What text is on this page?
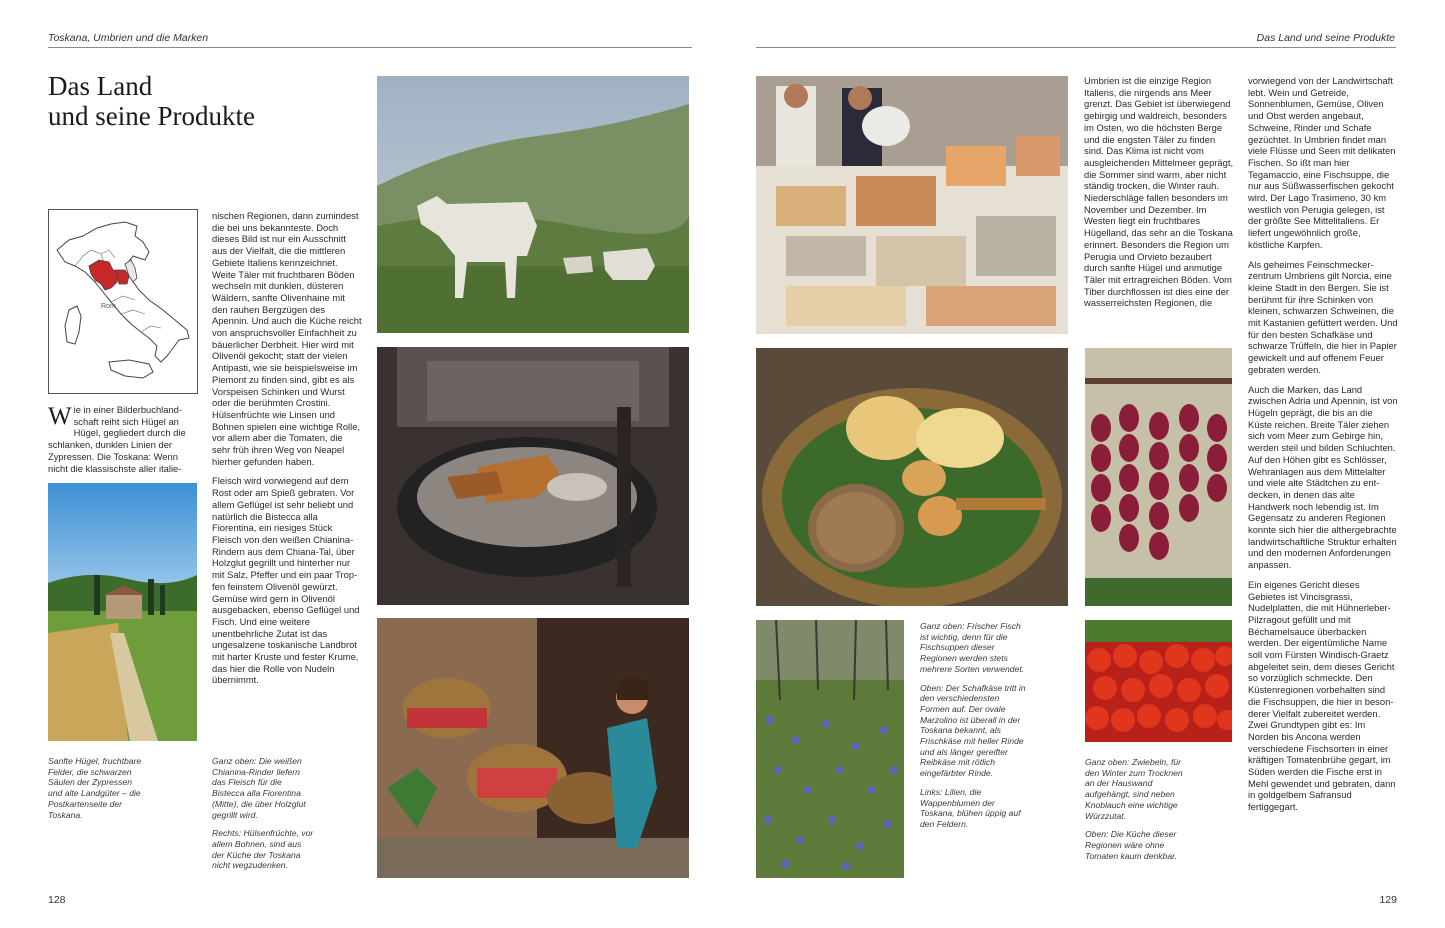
Toskana, Umbrien und die Marken	Das Land und seine Produkte
Das Land
und seine Produkte
Rom
Wie in einer Bilderbuchlandschaft reiht sich Hügel an Hügel, gegliedert durch die schlanken, dunklen Linien der Zypressen. Die Toskana: Wenn nicht die klassischste aller italie-
Sanfte Hügel, fruchtbare Felder, die schwarzen Säulen der Zypressen und alte Landgüter – die Postkartenseite der Toskana.

nischen Regionen, dann zumindest die bei uns bekannteste. Doch dieses Bild ist nur ein Ausschnitt aus der Vielfalt, die die mittleren Gebiete Italiens kennzeichnet. Weite Täler mit fruchtbaren Böden wechseln mit dunklen, düsteren Wäldern, sanfte Olivenhaine mit den rauhen Bergzügen des Apennin. Und auch die Küche reicht von anspruchsvoller Einfachheit zu bäuerlicher Derbheit. Hier wird mit Olivenöl gekocht; statt der vielen Antipasti, wie sie beispielsweise im Piemont zu finden sind, gibt es als Vorspeisen Schinken und Wurst oder die berühmten Crostini. Hülsenfrüchte wie Linsen und Bohnen spielen eine wichtige Rolle, vor allem aber die Tomaten, die sehr früh ihren Weg von Neapel hierher gefunden haben.

Fleisch wird vorwiegend auf dem Rost oder am Spieß gebraten. Vor allem Geflügel ist sehr beliebt und natürlich die Bistecca alla Fiorentina, ein riesiges Stück Fleisch von den weißen Chianina-Rindern aus dem Chiana-Tal, über Holzglut gegrillt und hinterher nur mit Salz, Pfeffer und ein paar Tropfen feinstem Olivenöl gewürzt. Gemüse wird gern in Olivenöl ausgebacken, ebenso Geflügel und Fisch. Und eine weitere unentbehrliche Zutat ist das ungesalzene toskanische Landbrot mit harter Kruste und fester Krume, das hier die Rolle von Nudeln übernimmt.

Ganz oben: Die weißen Chianina-Rinder liefern das Fleisch für die Bistecca alla Fiorentina (Mitte), die über Holzglut gegrillt wird.

Rechts: Hülsenfrüchte, vor allem Bohnen, sind aus der Küche der Toskana nicht wegzudenken.

Ganz oben: Frischer Fisch ist wichtig, denn für die Fischsuppen dieser Regionen werden stets mehrere Sorten verwendet.

Oben: Der Schafkäse tritt in den verschiedensten Formen auf. Der ovale Marzolino ist überall in der Toskana bekannt, als Frischkäse mit heller Rinde und als länger gereifter Reibkäse mit rötlich eingefärbter Rinde.

Links: Lilien, die Wappenblumen der Toskana, blühen üppig auf den Feldern.

Ganz oben: Zwiebeln, für den Winter zum Trocknen an der Hauswand aufgehängt, sind neben Knoblauch eine wichtige Würzzutat.

Oben: Die Küche dieser Regionen wäre ohne Tomaten kaum denkbar.

Umbrien ist die einzige Region Italiens, die nirgends ans Meer grenzt. Das Gebiet ist überwiegend gebirgig und waldreich, besonders im Osten, wo die höchsten Berge und die engsten Täler zu finden sind. Das Klima ist nicht vom ausgleichenden Mittelmeer geprägt, die Sommer sind warm, aber nicht ständig trocken, die Winter rauh. Niederschläge fallen besonders im November und Dezember. Im Westen liegt ein fruchtbares Hügelland, das sehr an die Toskana erinnert. Besonders die Region um Perugia und Orvieto bezaubert durch sanfte Hügel und anmutige Täler mit ertragreichen Böden. Vom Tiber durchflossen ist dies eine der wasserreichsten Regionen, die

vorwiegend von der Landwirtschaft lebt. Wein und Getreide, Sonnenblumen, Gemüse, Oliven und Obst werden angebaut, Schweine, Rinder und Schafe gezüchtet. In Umbrien findet man viele Flüsse und Seen mit delikaten Fischen. So ißt man hier Tegamaccio, eine Fischsuppe, die nur aus Süßwasserfischen gekocht wird. Der Lago Trasimeno, 30 km westlich von Perugia gelegen, ist der größte See Mittelitaliens. Er liefert ungewöhnlich große, köstliche Karpfen.

Als geheimes Feinschmeckerzentrum Umbriens gilt Norcia, eine kleine Stadt in den Bergen. Sie ist berühmt für ihre Schinken von kleinen, schwarzen Schweinen, die mit Kastanien gefüttert werden. Und für den besten Schafkäse und schwarze Trüffeln, die hier in Papier gewickelt und auf offenem Feuer gebraten werden.

Auch die Marken, das Land zwischen Adria und Apennin, ist von Hügeln geprägt, die bis an die Küste reichen. Breite Täler ziehen sich vom Meer zum Gebirge hin, werden steil und bilden Schluchten. Auf den Höhen gibt es Schlösser, Wehranlagen aus dem Mittelalter und viele alte Städtchen zu entdecken, in denen das alte Handwerk noch lebendig ist. Im Gegensatz zu anderen Regionen konnte sich hier die althergebrachte landwirtschaftliche Struktur erhalten und den modernen Anforderungen anpassen.

Ein eigenes Gericht dieses Gebietes ist Vincisgrassi, Nudelplatten, die mit Hühnerleber-Pilzragout gefüllt und mit Béchamelsauce überbacken werden. Der eigentümliche Name soll vom Fürsten Windisch-Graetz abgeleitet sein, dem dieses Gericht so vorzüglich schmeckte. Den Küstenregionen vorbehalten sind die Fischsuppen, die hier in besonderer Vielfalt zubereitet werden. Zwei Grundtypen gibt es: Im Norden bis Ancona werden verschiedene Fischsorten in einer kräftigen Tomatenbrühe gegart, im Süden werden die Fische erst in Mehl gewendet und gebraten, dann in goldgelbem Safransud fertiggegart.

128	129
